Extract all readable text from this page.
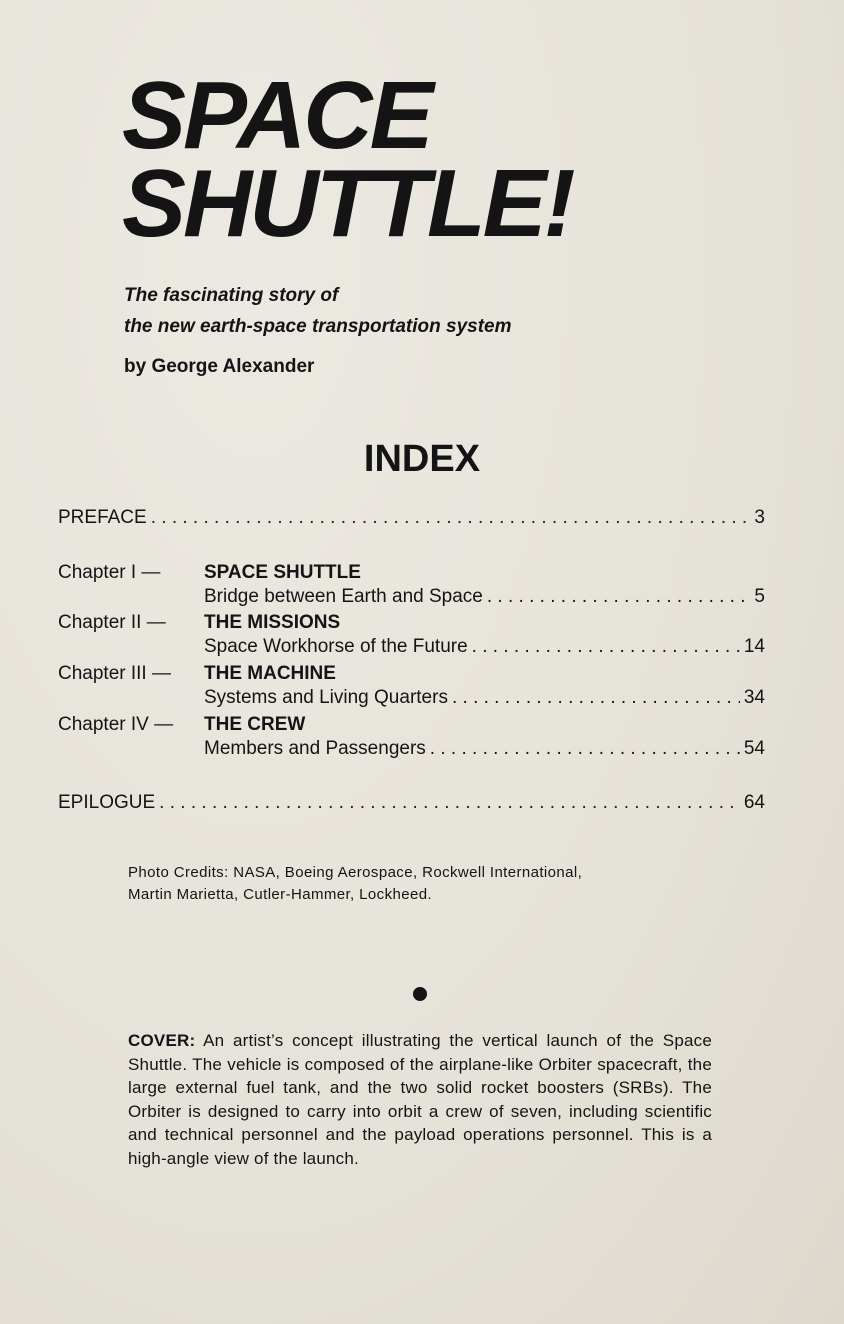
SPACE
SHUTTLE!
The fascinating story of
the new earth-space transportation system
by George Alexander
INDEX
PREFACE . . .	3
Chapter I — SPACE SHUTTLE
Bridge between Earth and Space . . .	5
Chapter II — THE MISSIONS
Space Workhorse of the Future . . .	14
Chapter III — THE MACHINE
Systems and Living Quarters . . .	34
Chapter IV — THE CREW
Members and Passengers . . .	54
EPILOGUE . . .	64
Photo Credits: NASA, Boeing Aerospace, Rockwell International,
Martin Marietta, Cutler-Hammer, Lockheed.
COVER: An artist’s concept illustrating the vertical launch of the Space Shuttle. The vehicle is composed of the airplane-like Orbiter spacecraft, the large external fuel tank, and the two solid rocket boosters (SRBs). The Orbiter is designed to carry into orbit a crew of seven, including scientific and technical personnel and the payload operations personnel. This is a high-angle view of the launch.
